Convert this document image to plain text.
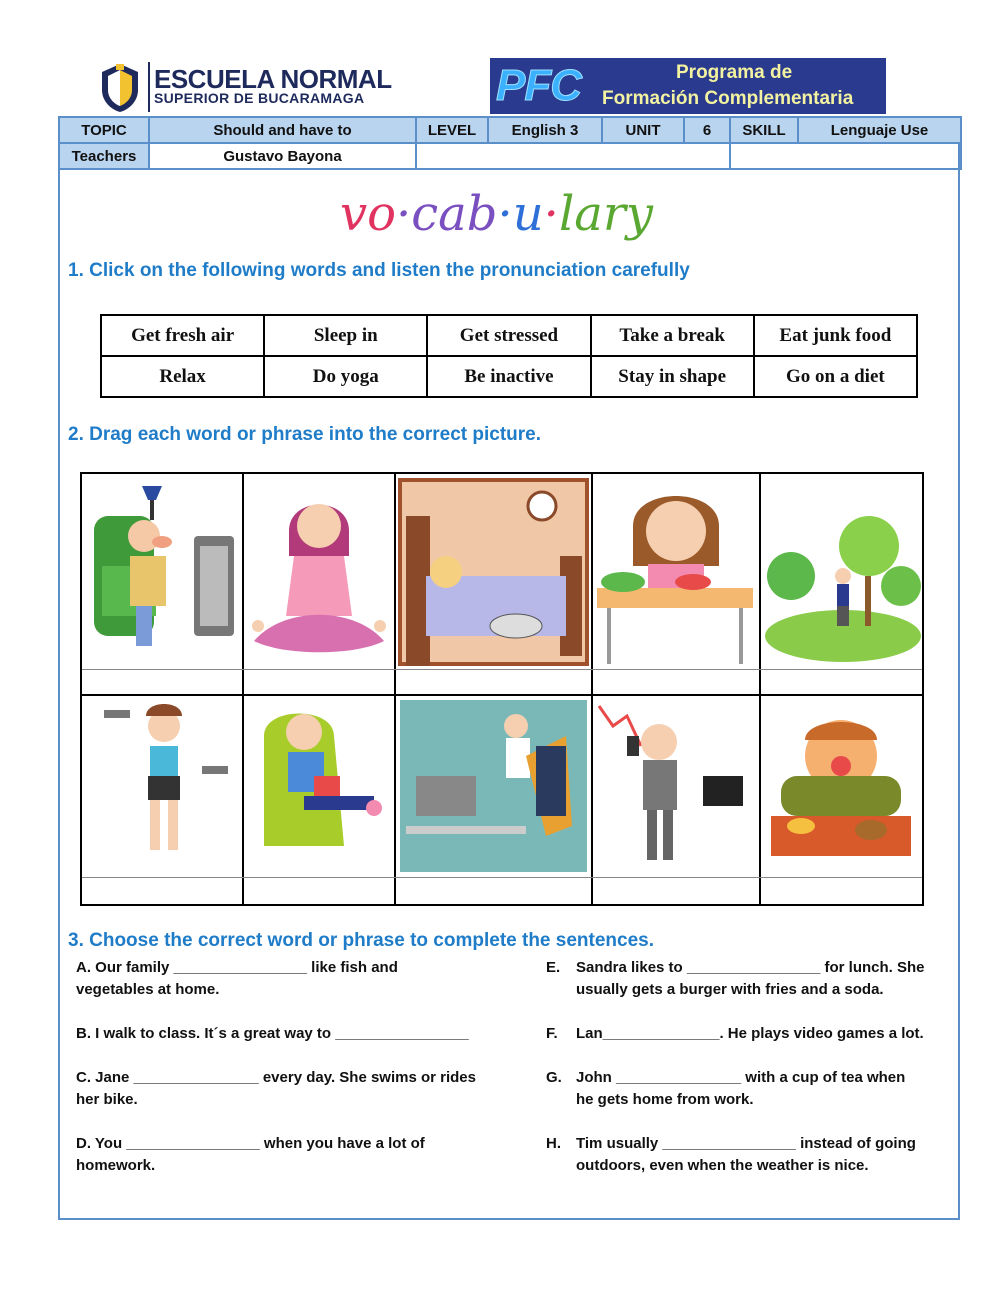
ESCUELA NORMAL
SUPERIOR DE BUCARAMAGA	PFC	Programa de
Formación Complementaria
TOPIC	Should and have to	LEVEL	English 3	UNIT	6	SKILL	Lenguaje Use
Teachers	Gustavo Bayona						
vo·cab·u·lary
1. Click on the following words and listen the pronunciation carefully
Get fresh air	Sleep in	Get stressed	Take a break	Eat junk food
Relax	Do yoga	Be inactive	Stay in shape	Go on a diet
2. Drag each word or phrase into the correct picture.
3. Choose the correct word or phrase to complete the sentences.
A. Our family ________________ like fish and
vegetables at home.
B. I walk to class. It´s a great way to ________________
C. Jane _______________ every day. She swims or rides
her bike.
D. You ________________ when you have a lot of
homework.
E. Sandra likes to ________________ for lunch. She
usually gets a burger with fries and a soda.
F. Lan______________. He plays video games a lot.
G. John _______________ with a cup of tea when
he gets home from work.
H. Tim usually ________________ instead of going
outdoors, even when the weather is nice.
